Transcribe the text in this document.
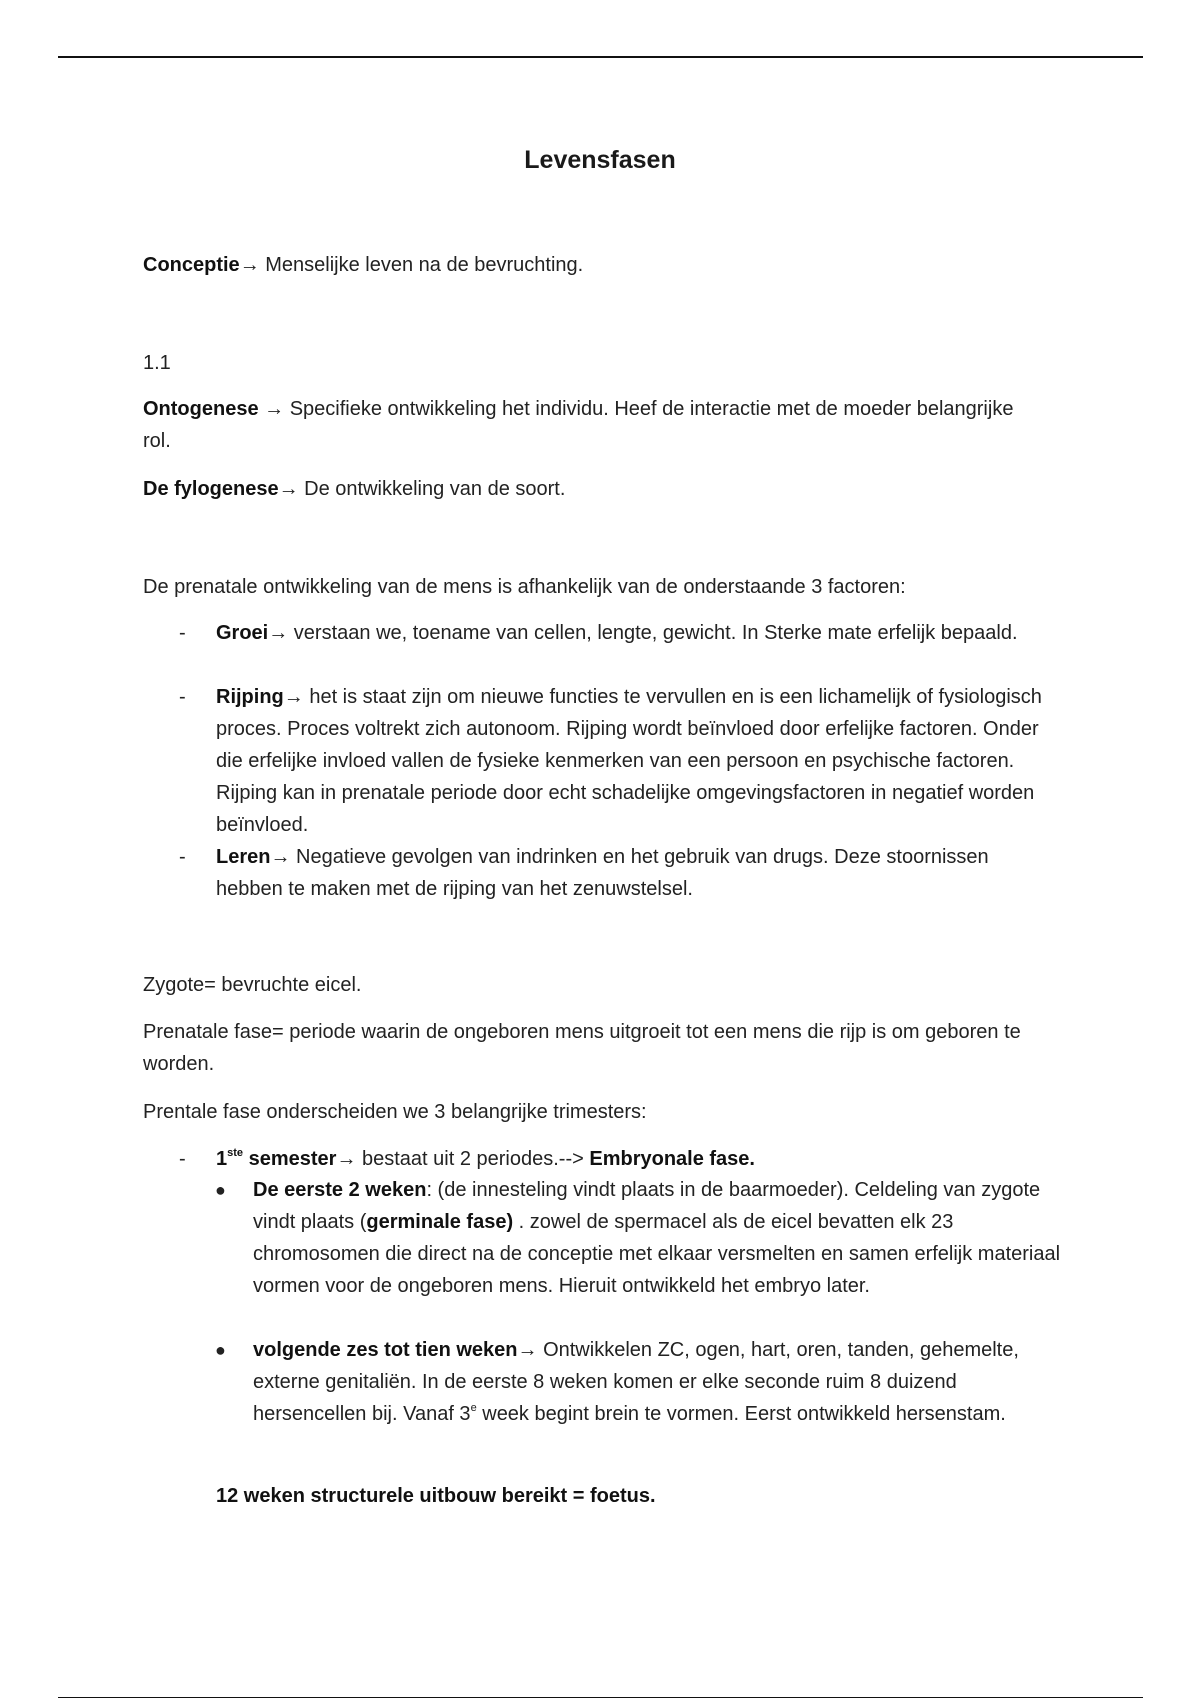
Levensfasen

Conceptie→ Menselijke leven na de bevruchting.

1.1

Ontogenese → Specifieke ontwikkeling het individu. Heef de interactie met de moeder belangrijke rol.

De fylogenese→ De ontwikkeling van de soort.

De prenatale ontwikkeling van de mens is afhankelijk van de onderstaande 3 factoren:

- Groei→ verstaan we, toename van cellen, lengte, gewicht. In Sterke mate erfelijk bepaald.
- Rijping→ het is staat zijn om nieuwe functies te vervullen en is een lichamelijk of fysiologisch proces. Proces voltrekt zich autonoom. Rijping wordt beïnvloed door erfelijke factoren. Onder die erfelijke invloed vallen de fysieke kenmerken van een persoon en psychische factoren. Rijping kan in prenatale periode door echt schadelijke omgevingsfactoren in negatief worden beïnvloed.
- Leren→ Negatieve gevolgen van indrinken en het gebruik van drugs. Deze stoornissen hebben te maken met de rijping van het zenuwstelsel.

Zygote= bevruchte eicel.

Prenatale fase= periode waarin de ongeboren mens uitgroeit tot een mens die rijp is om geboren te worden.

Prentale fase onderscheiden we 3 belangrijke trimesters:

- 1ste semester→ bestaat uit 2 periodes.--> Embryonale fase.
● De eerste 2 weken: (de innesteling vindt plaats in de baarmoeder). Celdeling van zygote vindt plaats (germinale fase) . zowel de spermacel als de eicel bevatten elk 23 chromosomen die direct na de conceptie met elkaar versmelten en samen erfelijk materiaal vormen voor de ongeboren mens. Hieruit ontwikkeld het embryo later.
● volgende zes tot tien weken→ Ontwikkelen ZC, ogen, hart, oren, tanden, gehemelte, externe genitaliën. In de eerste 8 weken komen er elke seconde ruim 8 duizend hersencellen bij. Vanaf 3e week begint brein te vormen. Eerst ontwikkeld hersenstam.

12 weken structurele uitbouw bereikt = foetus.
